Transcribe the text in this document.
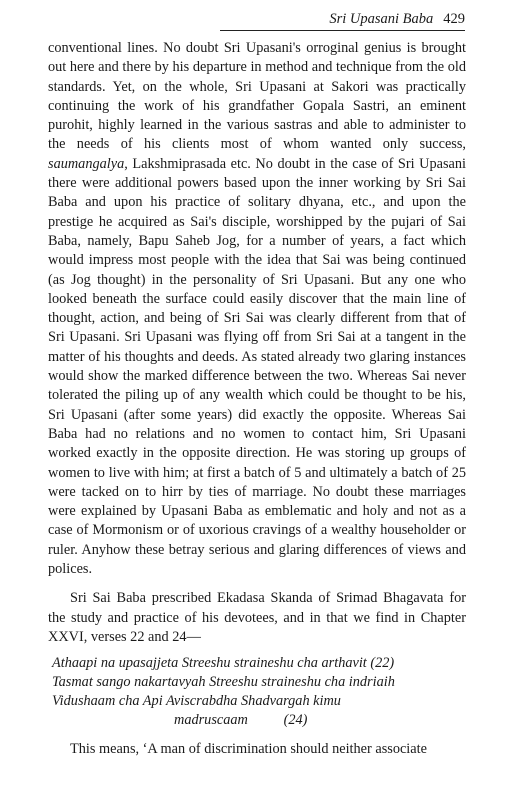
Sri Upasani Baba 429

conventional lines. No doubt Sri Upasani's orroginal genius is brought out here and there by his departure in method and technique from the old standards. Yet, on the whole, Sri Upasani at Sakori was practically continuing the work of his grandfather Gopala Sastri, an eminent purohit, highly learned in the various sastras and able to administer to the needs of his clients most of whom wanted only success, saumangalya, Lakshmiprasada etc. No doubt in the case of Sri Upasani there were additional powers based upon the inner working by Sri Sai Baba and upon his practice of solitary dhyana, etc., and upon the prestige he acquired as Sai's disciple, worshipped by the pujari of Sai Baba, namely, Bapu Saheb Jog, for a number of years, a fact which would impress most people with the idea that Sai was being continued (as Jog thought) in the personality of Sri Upasani. But any one who looked beneath the surface could easily discover that the main line of thought, action, and being of Sri Sai was clearly different from that of Sri Upasani. Sri Upasani was flying off from Sri Sai at a tangent in the matter of his thoughts and deeds. As stated already two glaring instances would show the marked difference between the two. Whereas Sai never tolerated the piling up of any wealth which could be thought to be his, Sri Upasani (after some years) did exactly the opposite. Whereas Sai Baba had no relations and no women to contact him, Sri Upasani worked exactly in the opposite direction. He was storing up groups of women to live with him; at first a batch of 5 and ultimately a batch of 25 were tacked on to hirr by ties of marriage. No doubt these marriages were explained by Upasani Baba as emblematic and holy and not as a case of Mormonism or of uxorious cravings of a wealthy householder or ruler. Anyhow these betray serious and glaring differences of views and polices.

Sri Sai Baba prescribed Ekadasa Skanda of Srimad Bhagavata for the study and practice of his devotees, and in that we find in Chapter XXVI, verses 22 and 24—

Athaapi na upasajjeta Streeshu straineshu cha arthavit (22)
Tasmat sango nakartavyah Streeshu straineshu cha indriaih
Vidushaam cha Api Aviscrabdha Shadvargah kimu
madruscaam          (24)

This means, ‘A man of discrimination should neither associate
